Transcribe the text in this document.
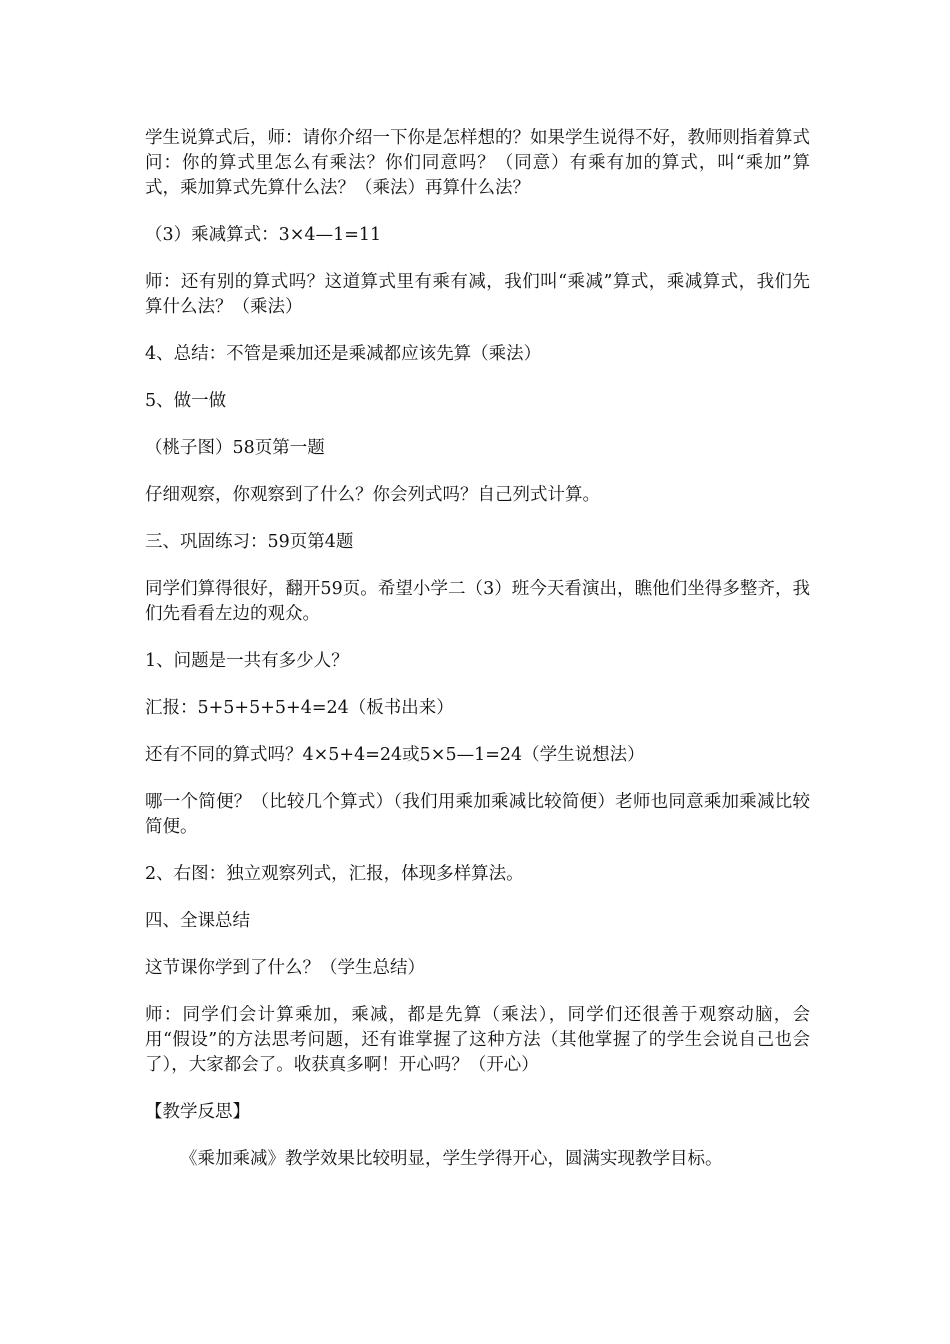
学生说算式后，师：请你介绍一下你是怎样想的？如果学生说得不好，教师则指着算式问：你的算式里怎么有乘法？你们同意吗？（同意）有乘有加的算式，叫“乘加”算式，乘加算式先算什么法？（乘法）再算什么法？

（3）乘减算式：3×4—1=11

师：还有别的算式吗？这道算式里有乘有减，我们叫“乘减”算式，乘减算式，我们先算什么法？（乘法）

4、总结：不管是乘加还是乘减都应该先算（乘法）

5、做一做

（桃子图）58页第一题

仔细观察，你观察到了什么？你会列式吗？自己列式计算。

三、巩固练习：59页第4题

同学们算得很好，翻开59页。希望小学二（3）班今天看演出，瞧他们坐得多整齐，我们先看看左边的观众。

1、问题是一共有多少人？

汇报：5+5+5+5+4=24（板书出来）

还有不同的算式吗？4×5+4=24或5×5—1=24（学生说想法）

哪一个简便？（比较几个算式）（我们用乘加乘减比较简便）老师也同意乘加乘减比较简便。

2、右图：独立观察列式，汇报，体现多样算法。

四、全课总结

这节课你学到了什么？（学生总结）

师：同学们会计算乘加，乘减，都是先算（乘法），同学们还很善于观察动脑，会用“假设”的方法思考问题，还有谁掌握了这种方法（其他掌握了的学生会说自己也会了），大家都会了。收获真多啊！开心吗？（开心）

【教学反思】

《乘加乘减》教学效果比较明显，学生学得开心，圆满实现教学目标。
